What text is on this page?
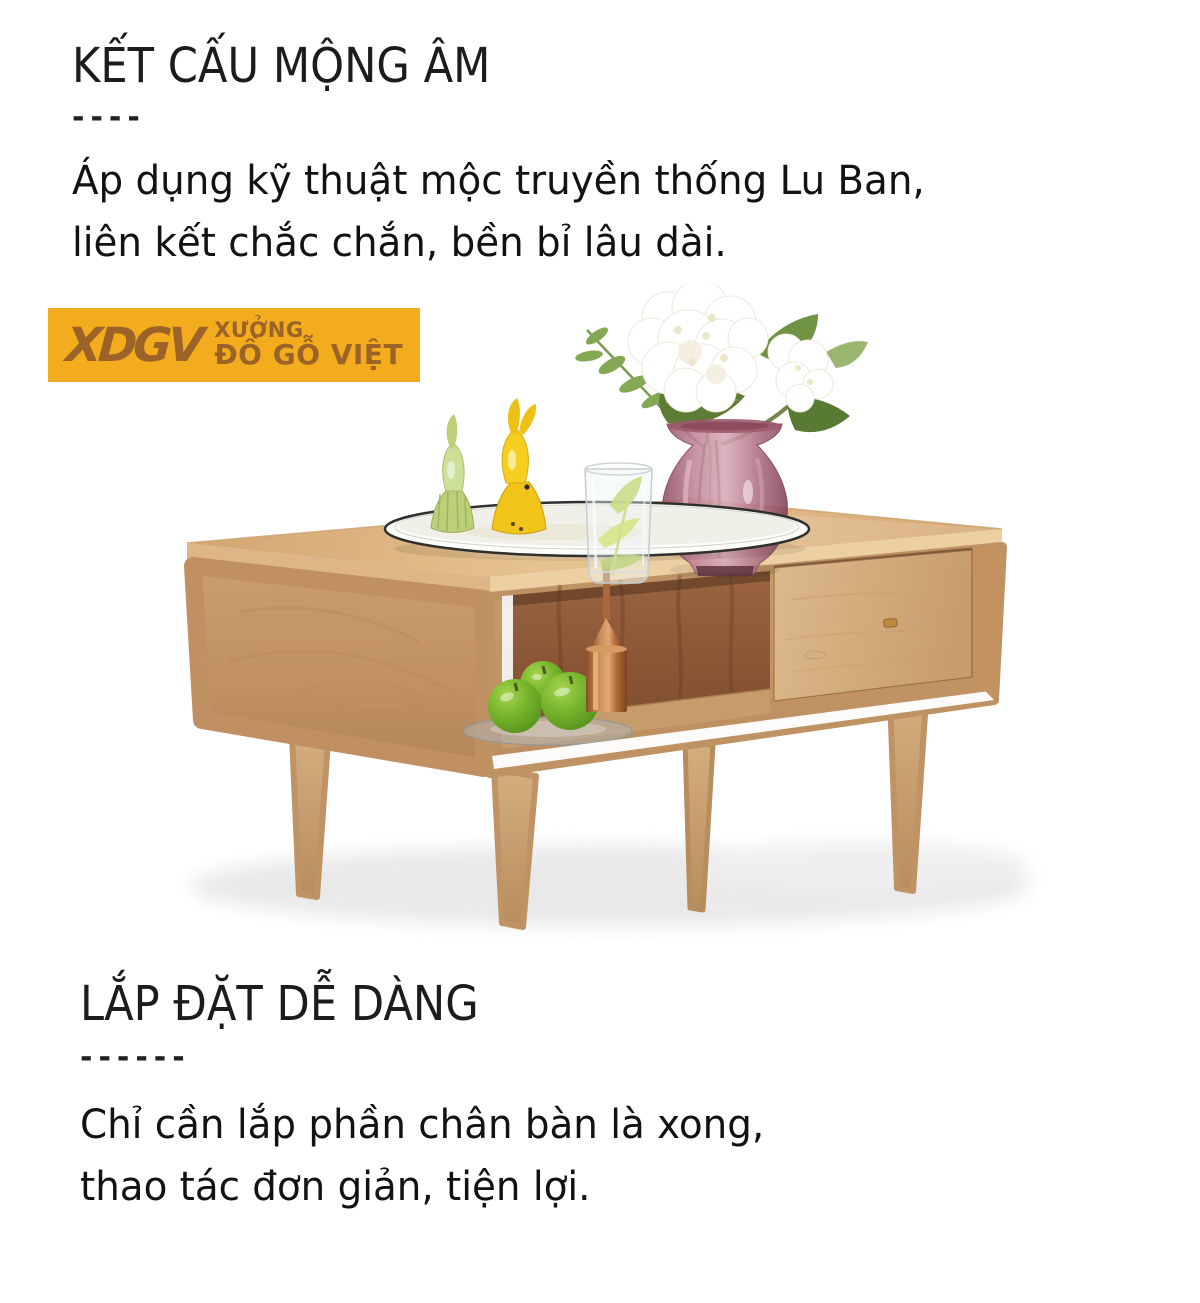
KẾT CẤU MỘNG ÂM
----
Áp dụng kỹ thuật mộc truyền thống Lu Ban,
liên kết chắc chắn, bền bỉ lâu dài.
XDGV XƯỞNG
ĐỒ GỖ VIỆT
LẮP ĐẶT DỄ DÀNG
------
Chỉ cần lắp phần chân bàn là xong,
thao tác đơn giản, tiện lợi.
